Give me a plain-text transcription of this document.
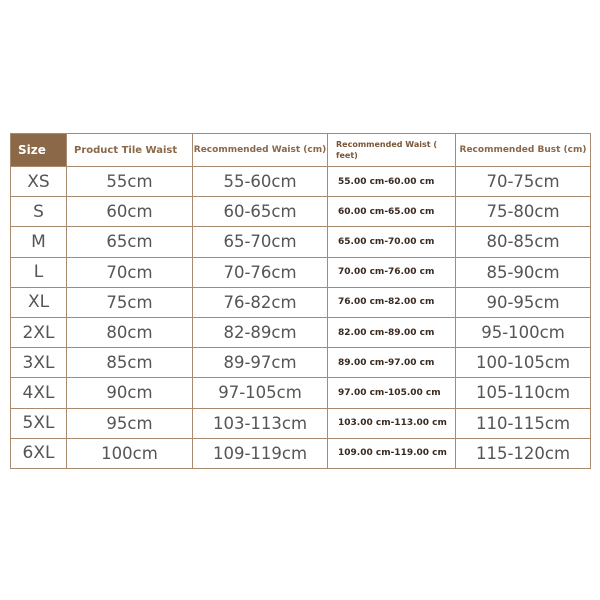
Size	Product Tile Waist	Recommended Waist (cm)	Recommended Waist ( feet)	Recommended Bust (cm)
XS	55cm	55-60cm	55.00 cm-60.00 cm	70-75cm
S	60cm	60-65cm	60.00 cm-65.00 cm	75-80cm
M	65cm	65-70cm	65.00 cm-70.00 cm	80-85cm
L	70cm	70-76cm	70.00 cm-76.00 cm	85-90cm
XL	75cm	76-82cm	76.00 cm-82.00 cm	90-95cm
2XL	80cm	82-89cm	82.00 cm-89.00 cm	95-100cm
3XL	85cm	89-97cm	89.00 cm-97.00 cm	100-105cm
4XL	90cm	97-105cm	97.00 cm-105.00 cm	105-110cm
5XL	95cm	103-113cm	103.00 cm-113.00 cm	110-115cm
6XL	100cm	109-119cm	109.00 cm-119.00 cm	115-120cm
